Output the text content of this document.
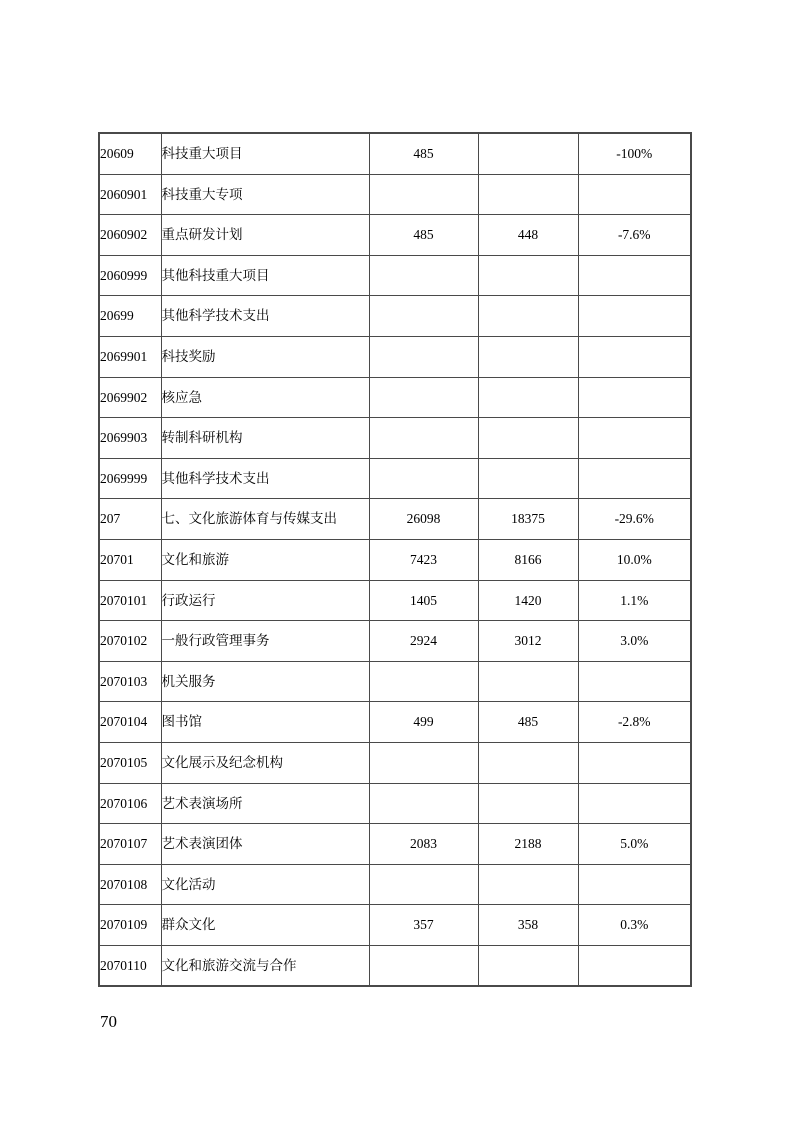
20609	科技重大项目	485		-100%
2060901	科技重大专项			
2060902	重点研发计划	485	448	-7.6%
2060999	其他科技重大项目			
20699	其他科学技术支出			
2069901	科技奖励			
2069902	核应急			
2069903	转制科研机构			
2069999	其他科学技术支出			
207	七、文化旅游体育与传媒支出	26098	18375	-29.6%
20701	文化和旅游	7423	8166	10.0%
2070101	行政运行	1405	1420	1.1%
2070102	一般行政管理事务	2924	3012	3.0%
2070103	机关服务			
2070104	图书馆	499	485	-2.8%
2070105	文化展示及纪念机构			
2070106	艺术表演场所			
2070107	艺术表演团体	2083	2188	5.0%
2070108	文化活动			
2070109	群众文化	357	358	0.3%
2070110	文化和旅游交流与合作			
70
